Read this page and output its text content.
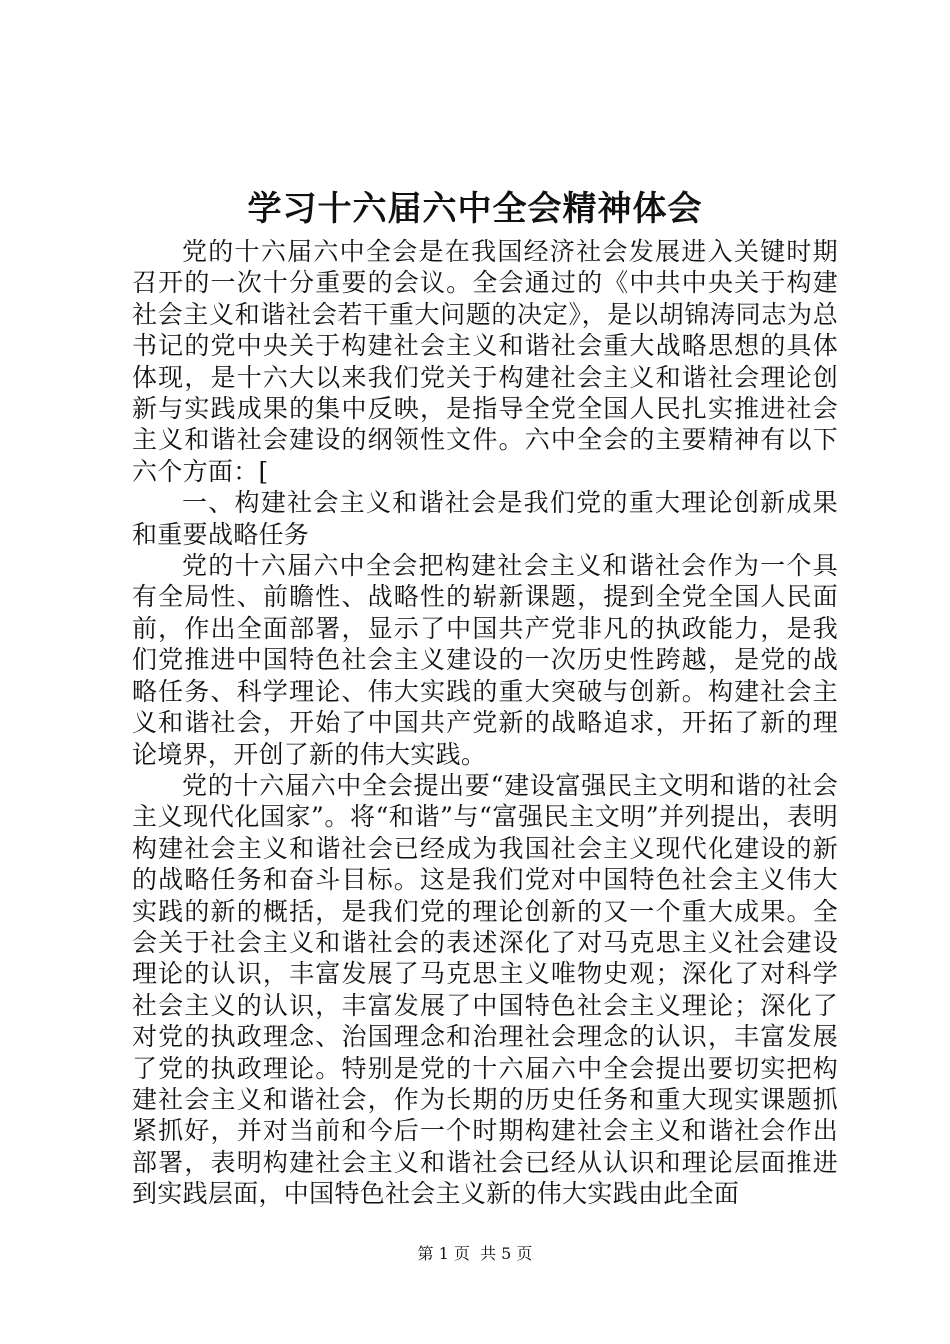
学习十六届六中全会精神体会

党的十六届六中全会是在我国经济社会发展进入关键时期召开的一次十分重要的会议。全会通过的《中共中央关于构建社会主义和谐社会若干重大问题的决定》，是以胡锦涛同志为总书记的党中央关于构建社会主义和谐社会重大战略思想的具体体现，是十六大以来我们党关于构建社会主义和谐社会理论创新与实践成果的集中反映，是指导全党全国人民扎实推进社会主义和谐社会建设的纲领性文件。六中全会的主要精神有以下六个方面：[

一、构建社会主义和谐社会是我们党的重大理论创新成果和重要战略任务

党的十六届六中全会把构建社会主义和谐社会作为一个具有全局性、前瞻性、战略性的崭新课题，提到全党全国人民面前，作出全面部署，显示了中国共产党非凡的执政能力，是我们党推进中国特色社会主义建设的一次历史性跨越，是党的战略任务、科学理论、伟大实践的重大突破与创新。构建社会主义和谐社会，开始了中国共产党新的战略追求，开拓了新的理论境界，开创了新的伟大实践。

党的十六届六中全会提出要“建设富强民主文明和谐的社会主义现代化国家”。将“和谐”与“富强民主文明”并列提出，表明构建社会主义和谐社会已经成为我国社会主义现代化建设的新的战略任务和奋斗目标。这是我们党对中国特色社会主义伟大实践的新的概括，是我们党的理论创新的又一个重大成果。全会关于社会主义和谐社会的表述深化了对马克思主义社会建设理论的认识，丰富发展了马克思主义唯物史观；深化了对科学社会主义的认识，丰富发展了中国特色社会主义理论；深化了对党的执政理念、治国理念和治理社会理念的认识，丰富发展了党的执政理论。特别是党的十六届六中全会提出要切实把构建社会主义和谐社会，作为长期的历史任务和重大现实课题抓紧抓好，并对当前和今后一个时期构建社会主义和谐社会作出部署，表明构建社会主义和谐社会已经从认识和理论层面推进到实践层面，中国特色社会主义新的伟大实践由此全面

第 1 页  共 5 页
